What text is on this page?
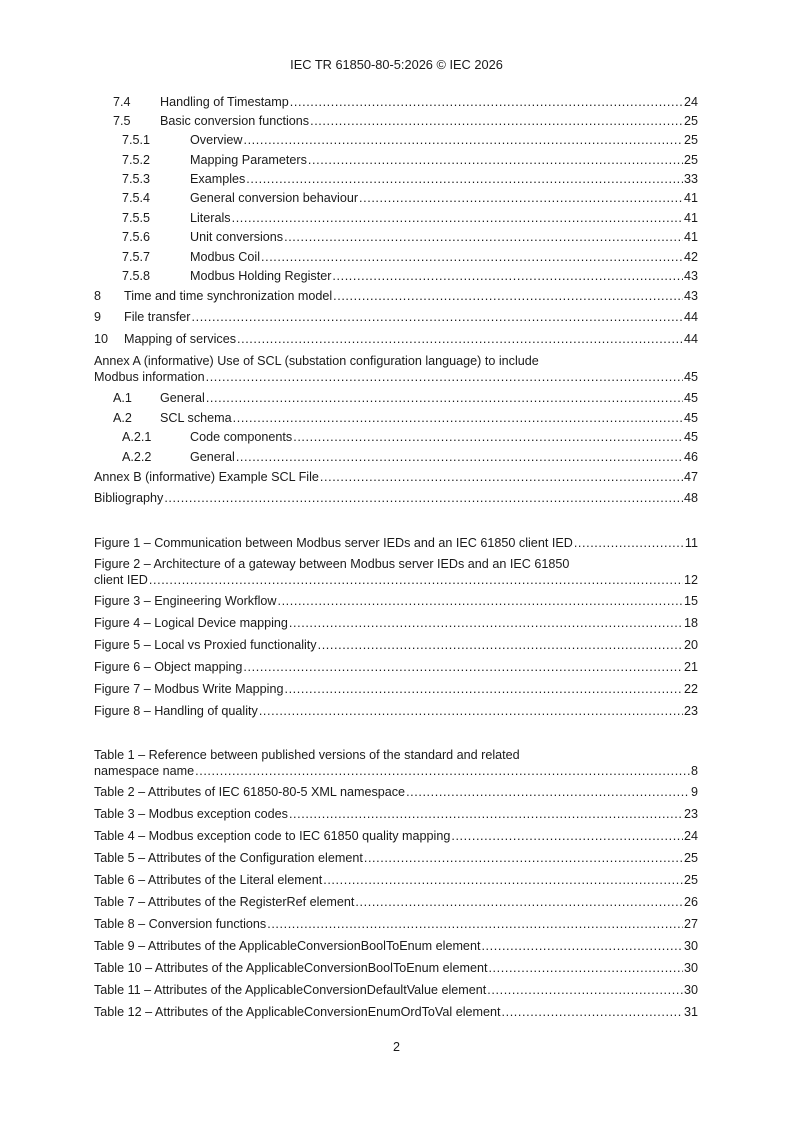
IEC TR 61850-80-5:2026 © IEC 2026
7.4	Handling of Timestamp .....	24
7.5	Basic conversion functions .....	25
7.5.1	Overview .....	25
7.5.2	Mapping Parameters .....	25
7.5.3	Examples .....	33
7.5.4	General conversion behaviour .....	41
7.5.5	Literals .....	41
7.5.6	Unit conversions .....	41
7.5.7	Modbus Coil .....	42
7.5.8	Modbus Holding Register .....	43
8	Time and time synchronization model .....	43
9	File transfer .....	44
10	Mapping of services .....	44
Annex A (informative) Use of SCL (substation configuration language) to include
Modbus information .....	45
A.1	General .....	45
A.2	SCL schema .....	45
A.2.1	Code components .....	45
A.2.2	General .....	46
Annex B (informative) Example SCL File .....	47
Bibliography .....	48
Figure 1 – Communication between Modbus server IEDs and an IEC 61850 client IED .....	11
Figure 2 – Architecture of a gateway between Modbus server IEDs and an IEC 61850
client IED .....	12
Figure 3 – Engineering Workflow .....	15
Figure 4 – Logical Device mapping .....	18
Figure 5 – Local vs Proxied functionality .....	20
Figure 6 – Object mapping .....	21
Figure 7 – Modbus Write Mapping .....	22
Figure 8 – Handling of quality .....	23
Table 1 – Reference between published versions of the standard and related
namespace name .....	8
Table 2 – Attributes of IEC 61850-80-5 XML namespace .....	9
Table 3 – Modbus exception codes .....	23
Table 4 – Modbus exception code to IEC 61850 quality mapping .....	24
Table 5 – Attributes of the Configuration element .....	25
Table 6 – Attributes of the Literal element .....	25
Table 7 – Attributes of the RegisterRef element .....	26
Table 8 – Conversion functions .....	27
Table 9 – Attributes of the ApplicableConversionBoolToEnum element .....	30
Table 10 – Attributes of the ApplicableConversionBoolToEnum element .....	30
Table 11 – Attributes of the ApplicableConversionDefaultValue element .....	30
Table 12 – Attributes of the ApplicableConversionEnumOrdToVal element .....	31
2
